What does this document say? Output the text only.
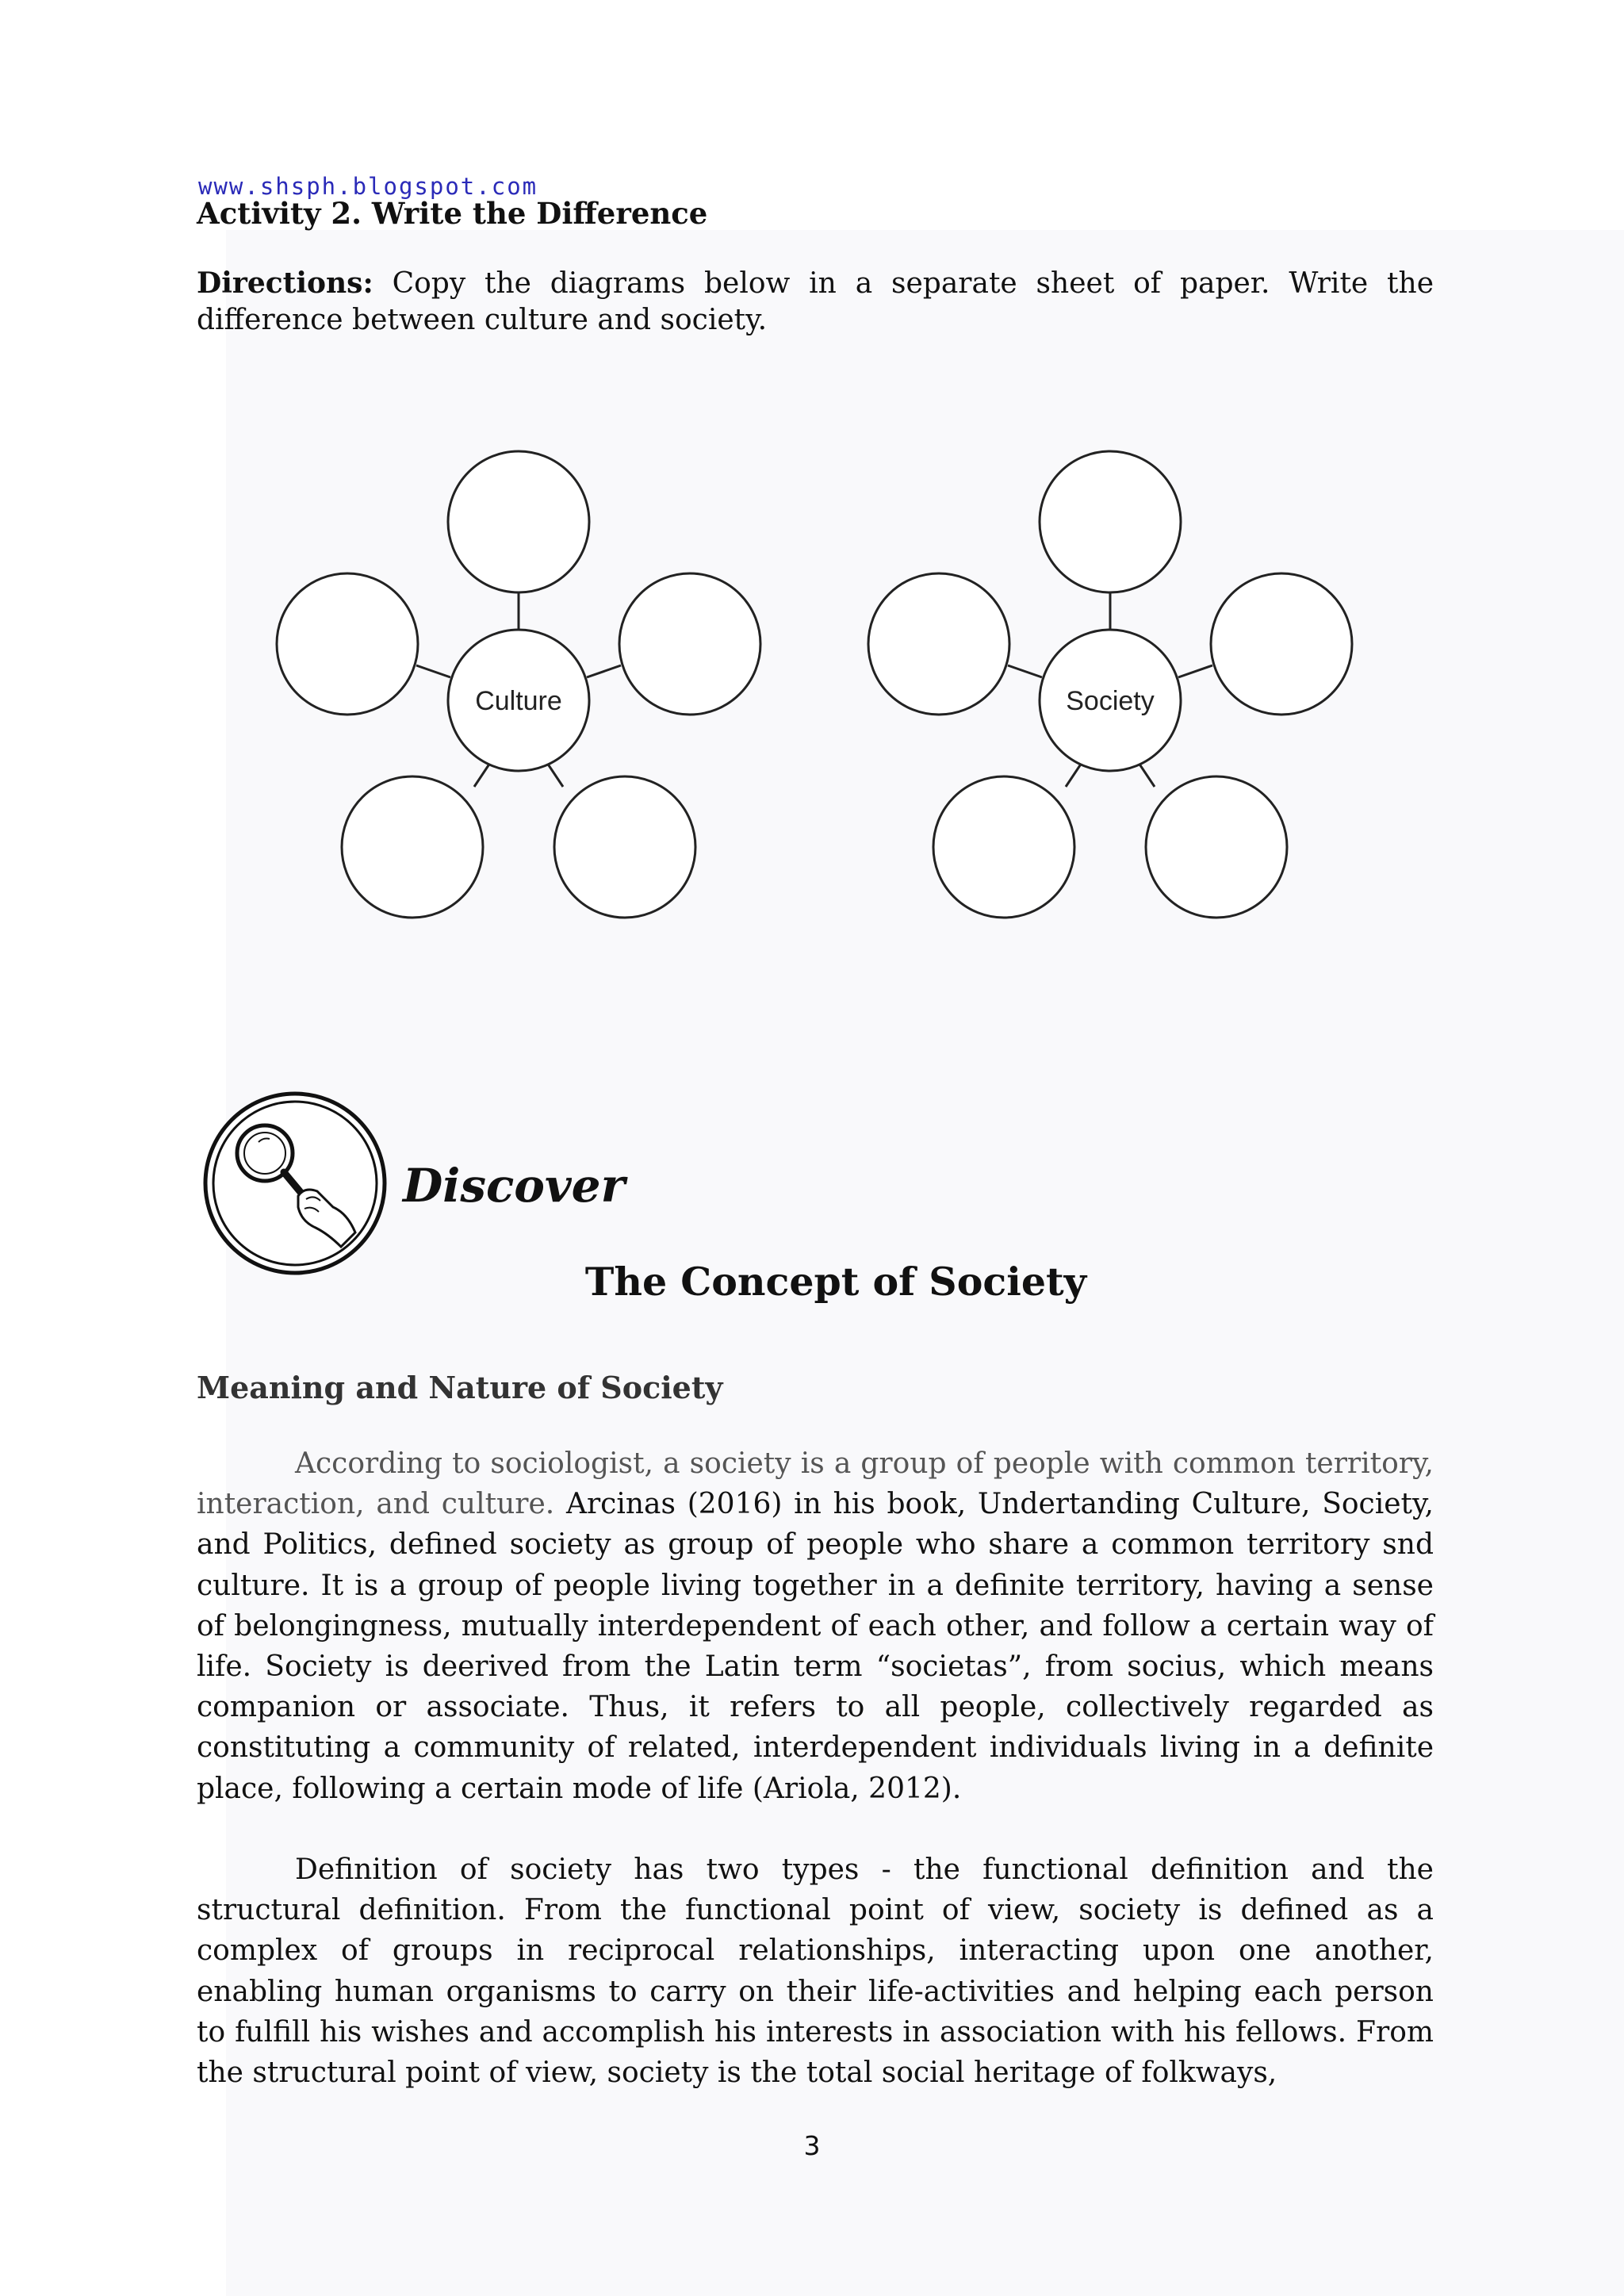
www.shsph.blogspot.com
Activity 2. Write the Difference
Directions: Copy the diagrams below in a separate sheet of paper. Write the difference between culture and society.
Culture	Society
Discover
The Concept of Society
Meaning and Nature of Society
According to sociologist, a society is a group of people with common territory, interaction, and culture. Arcinas (2016) in his book, Undertanding Culture, Society, and Politics, defined society as group of people who share a common territory snd culture. It is a group of people living together in a definite territory, having a sense of belongingness, mutually interdependent of each other, and follow a certain way of life. Society is deerived from the Latin term “societas”, from socius, which means companion or associate. Thus, it refers to all people, collectively regarded as constituting a community of related, interdependent individuals living in a definite place, following a certain mode of life (Ariola, 2012).
Definition of society has two types - the functional definition and the structural definition. From the functional point of view, society is defined as a complex of groups in reciprocal relationships, interacting upon one another, enabling human organisms to carry on their life-activities and helping each person to fulfill his wishes and accomplish his interests in association with his fellows. From the structural point of view, society is the total social heritage of folkways,
3
